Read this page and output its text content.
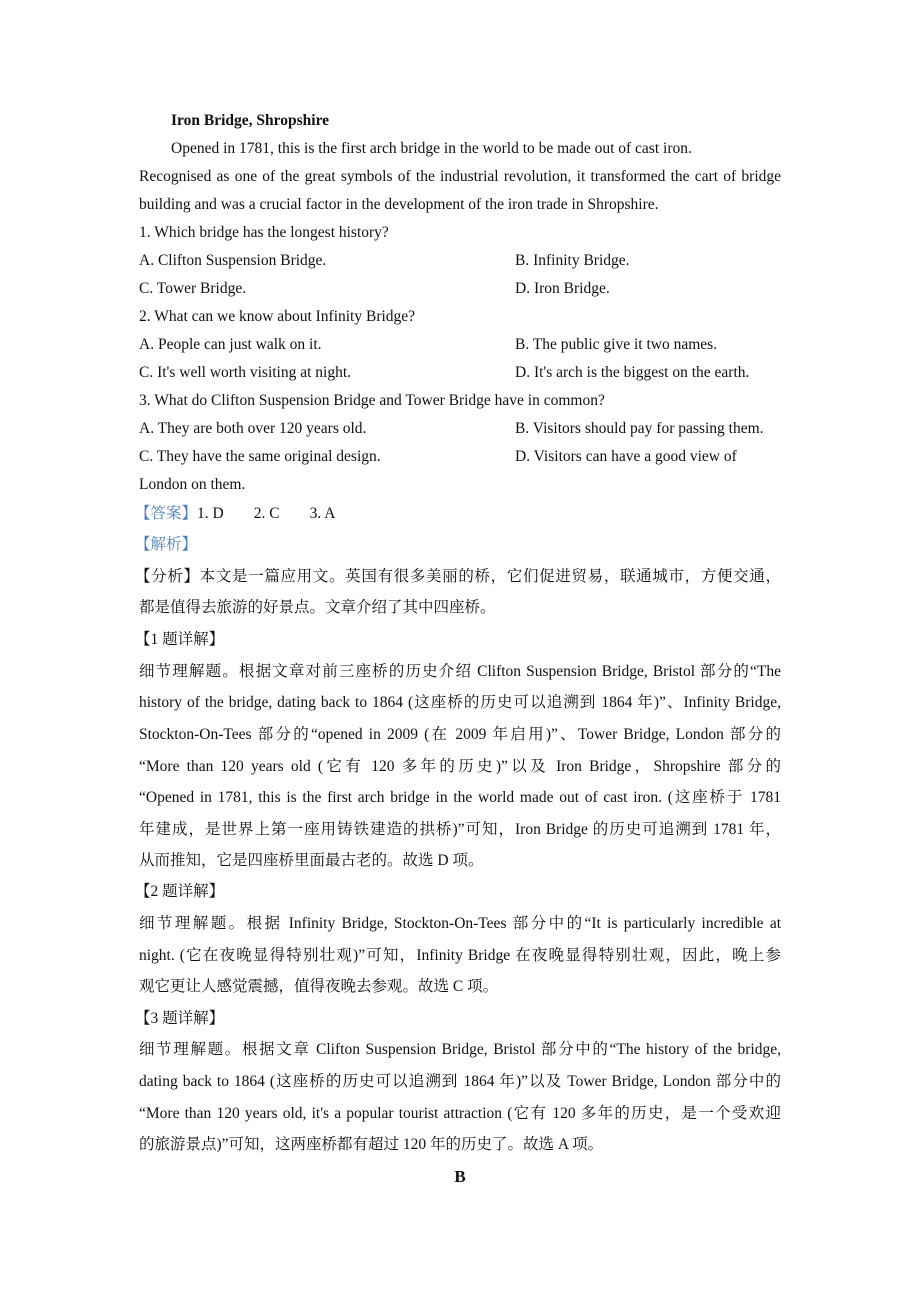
Iron Bridge, Shropshire
Opened in 1781, this is the first arch bridge in the world to be made out of cast iron.
Recognised as one of the great symbols of the industrial revolution, it transformed the cart of bridge
building and was a crucial factor in the development of the iron trade in Shropshire.
1. Which bridge has the longest history?
A. Clifton Suspension Bridge.	B. Infinity Bridge.
C. Tower Bridge.	D. Iron Bridge.
2. What can we know about Infinity Bridge?
A. People can just walk on it.	B. The public give it two names.
C. It's well worth visiting at night.	D. It's arch is the biggest on the earth.
3. What do Clifton Suspension Bridge and Tower Bridge have in common?
A. They are both over 120 years old.	B. Visitors should pay for passing them.
C. They have the same original design.	D. Visitors can have a good view of
London on them.
【答案】1. D 2. C 3. A
【解析】
【分析】本文是一篇应用文。英国有很多美丽的桥，它们促进贸易，联通城市，方便交通，
都是值得去旅游的好景点。文章介绍了其中四座桥。
【1 题详解】
细节理解题。根据文章对前三座桥的历史介绍 Clifton Suspension Bridge, Bristol 部分的“The
history of the bridge, dating back to 1864 (这座桥的历史可以追溯到 1864 年)”、Infinity Bridge,
Stockton-On-Tees 部分的“opened in 2009 (在 2009 年启用)”、Tower Bridge, London 部分的
“More than 120 years old (它有 120 多年的历史)”以及 Iron Bridge，Shropshire 部分的
“Opened in 1781, this is the first arch bridge in the world made out of cast iron. (这座桥于 1781
年建成，是世界上第一座用铸铁建造的拱桥)”可知，Iron Bridge 的历史可追溯到 1781 年，
从而推知，它是四座桥里面最古老的。故选 D 项。
【2 题详解】
细节理解题。根据 Infinity Bridge, Stockton-On-Tees 部分中的“It is particularly incredible at
night. (它在夜晚显得特别壮观)”可知，Infinity Bridge 在夜晚显得特别壮观，因此，晚上参
观它更让人感觉震撼，值得夜晚去参观。故选 C 项。
【3 题详解】
细节理解题。根据文章 Clifton Suspension Bridge, Bristol 部分中的“The history of the bridge,
dating back to 1864 (这座桥的历史可以追溯到 1864 年)”以及 Tower Bridge, London 部分中的
“More than 120 years old, it's a popular tourist attraction (它有 120 多年的历史，是一个受欢迎
的旅游景点)”可知，这两座桥都有超过 120 年的历史了。故选 A 项。
B
